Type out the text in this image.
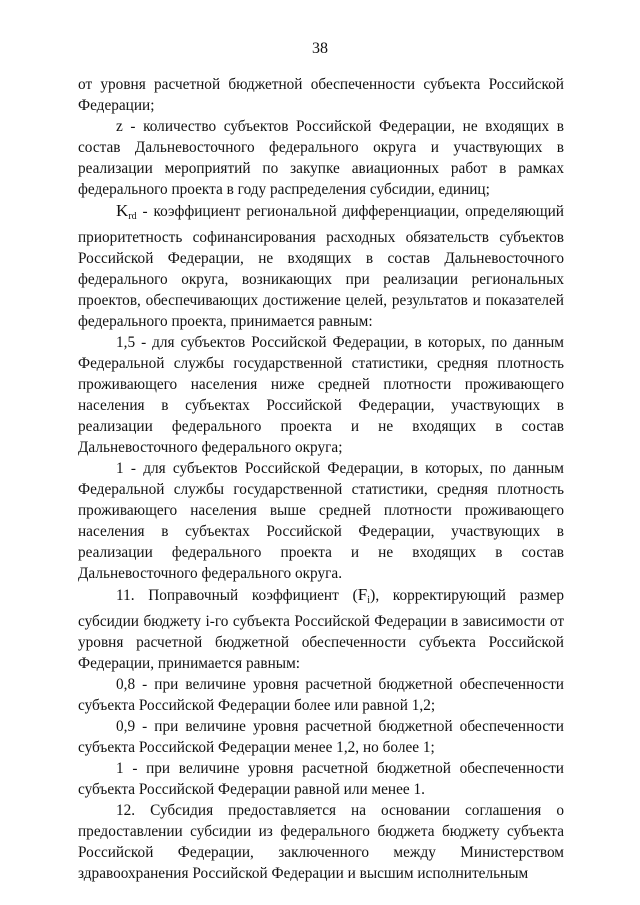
38

от уровня расчетной бюджетной обеспеченности субъекта Российской Федерации;

z - количество субъектов Российской Федерации, не входящих в состав Дальневосточного федерального округа и участвующих в реализации мероприятий по закупке авиационных работ в рамках федерального проекта в году распределения субсидии, единиц;

$K_{rd}$ - коэффициент региональной дифференциации, определяющий приоритетность софинансирования расходных обязательств субъектов Российской Федерации, не входящих в состав Дальневосточного федерального округа, возникающих при реализации региональных проектов, обеспечивающих достижение целей, результатов и показателей федерального проекта, принимается равным:

1,5 - для субъектов Российской Федерации, в которых, по данным Федеральной службы государственной статистики, средняя плотность проживающего населения ниже средней плотности проживающего населения в субъектах Российской Федерации, участвующих в реализации федерального проекта и не входящих в состав Дальневосточного федерального округа;

1 - для субъектов Российской Федерации, в которых, по данным Федеральной службы государственной статистики, средняя плотность проживающего населения выше средней плотности проживающего населения в субъектах Российской Федерации, участвующих в реализации федерального проекта и не входящих в состав Дальневосточного федерального округа.

11. Поправочный коэффициент $(F_i)$, корректирующий размер субсидии бюджету i-го субъекта Российской Федерации в зависимости от уровня расчетной бюджетной обеспеченности субъекта Российской Федерации, принимается равным:

0,8 - при величине уровня расчетной бюджетной обеспеченности субъекта Российской Федерации более или равной 1,2;

0,9 - при величине уровня расчетной бюджетной обеспеченности субъекта Российской Федерации менее 1,2, но более 1;

1 - при величине уровня расчетной бюджетной обеспеченности субъекта Российской Федерации равной или менее 1.

12. Субсидия предоставляется на основании соглашения о предоставлении субсидии из федерального бюджета бюджету субъекта Российской Федерации, заключенного между Министерством здравоохранения Российской Федерации и высшим исполнительным
